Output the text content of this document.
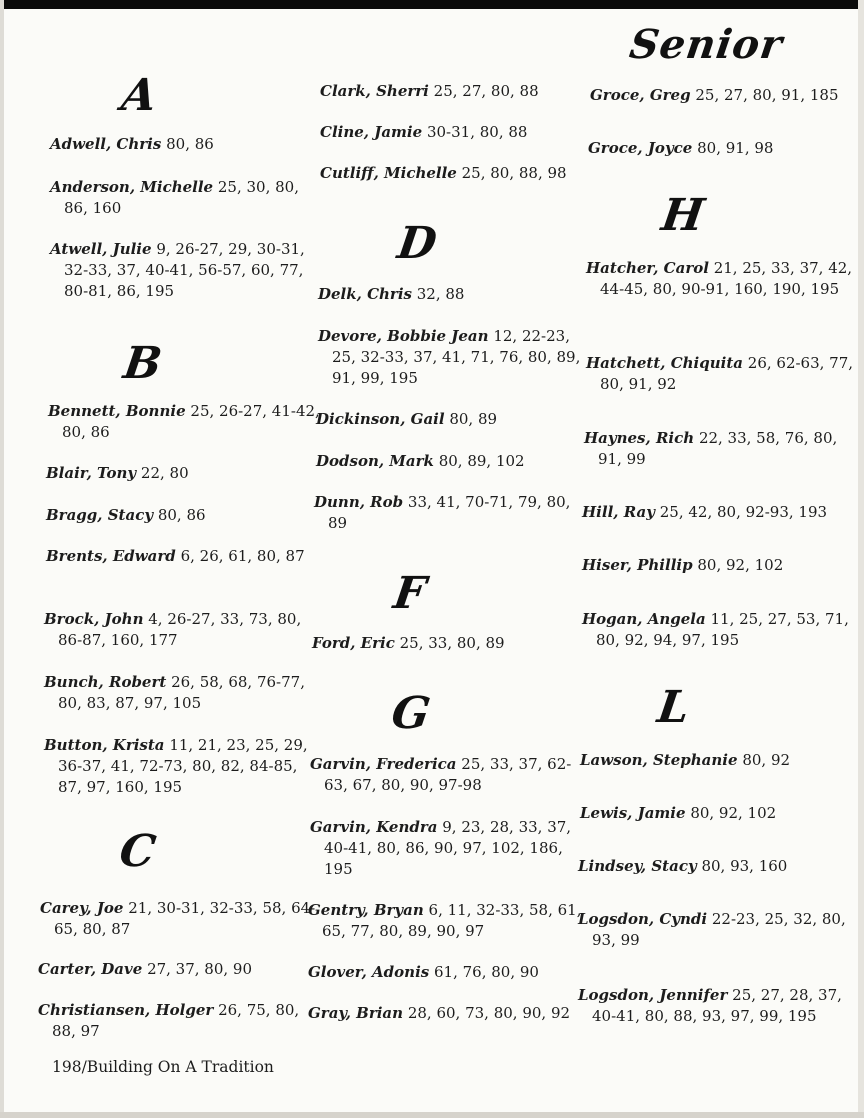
A
B
C
Adwell, Chris 80, 86
Anderson, Michelle 25, 30, 80, 86, 160
Atwell, Julie 9, 26-27, 29, 30-31, 32-33, 37, 40-41, 56-57, 60, 77, 80-81, 86, 195
Bennett, Bonnie 25, 26-27, 41-42, 80, 86
Blair, Tony 22, 80
Bragg, Stacy 80, 86
Brents, Edward 6, 26, 61, 80, 87
Brock, John 4, 26-27, 33, 73, 80, 86-87, 160, 177
Bunch, Robert 26, 58, 68, 76-77, 80, 83, 87, 97, 105
Button, Krista 11, 21, 23, 25, 29, 36-37, 41, 72-73, 80, 82, 84-85, 87, 97, 160, 195
Carey, Joe 21, 30-31, 32-33, 58, 64-65, 80, 87
Carter, Dave 27, 37, 80, 90
Christiansen, Holger 26, 75, 80, 88, 97
D
F
G
Clark, Sherri 25, 27, 80, 88
Cline, Jamie 30-31, 80, 88
Cutliff, Michelle 25, 80, 88, 98
Delk, Chris 32, 88
Devore, Bobbie Jean 12, 22-23, 25, 32-33, 37, 41, 71, 76, 80, 89, 91, 99, 195
Dickinson, Gail 80, 89
Dodson, Mark 80, 89, 102
Dunn, Rob 33, 41, 70-71, 79, 80, 89
Ford, Eric 25, 33, 80, 89
Garvin, Frederica 25, 33, 37, 62-63, 67, 80, 90, 97-98
Garvin, Kendra 9, 23, 28, 33, 37, 40-41, 80, 86, 90, 97, 102, 186, 195
Gentry, Bryan 6, 11, 32-33, 58, 61, 65, 77, 80, 89, 90, 97
Glover, Adonis 61, 76, 80, 90
Gray, Brian 28, 60, 73, 80, 90, 92
Senior
H
L
Groce, Greg 25, 27, 80, 91, 185
Groce, Joyce 80, 91, 98
Hatcher, Carol 21, 25, 33, 37, 42, 44-45, 80, 90-91, 160, 190, 195
Hatchett, Chiquita 26, 62-63, 77, 80, 91, 92
Haynes, Rich 22, 33, 58, 76, 80, 91, 99
Hill, Ray 25, 42, 80, 92-93, 193
Hiser, Phillip 80, 92, 102
Hogan, Angela 11, 25, 27, 53, 71, 80, 92, 94, 97, 195
Lawson, Stephanie 80, 92
Lewis, Jamie 80, 92, 102
Lindsey, Stacy 80, 93, 160
Logsdon, Cyndi 22-23, 25, 32, 80, 93, 99
Logsdon, Jennifer 25, 27, 28, 37, 40-41, 80, 88, 93, 97, 99, 195
198/Building On A Tradition
